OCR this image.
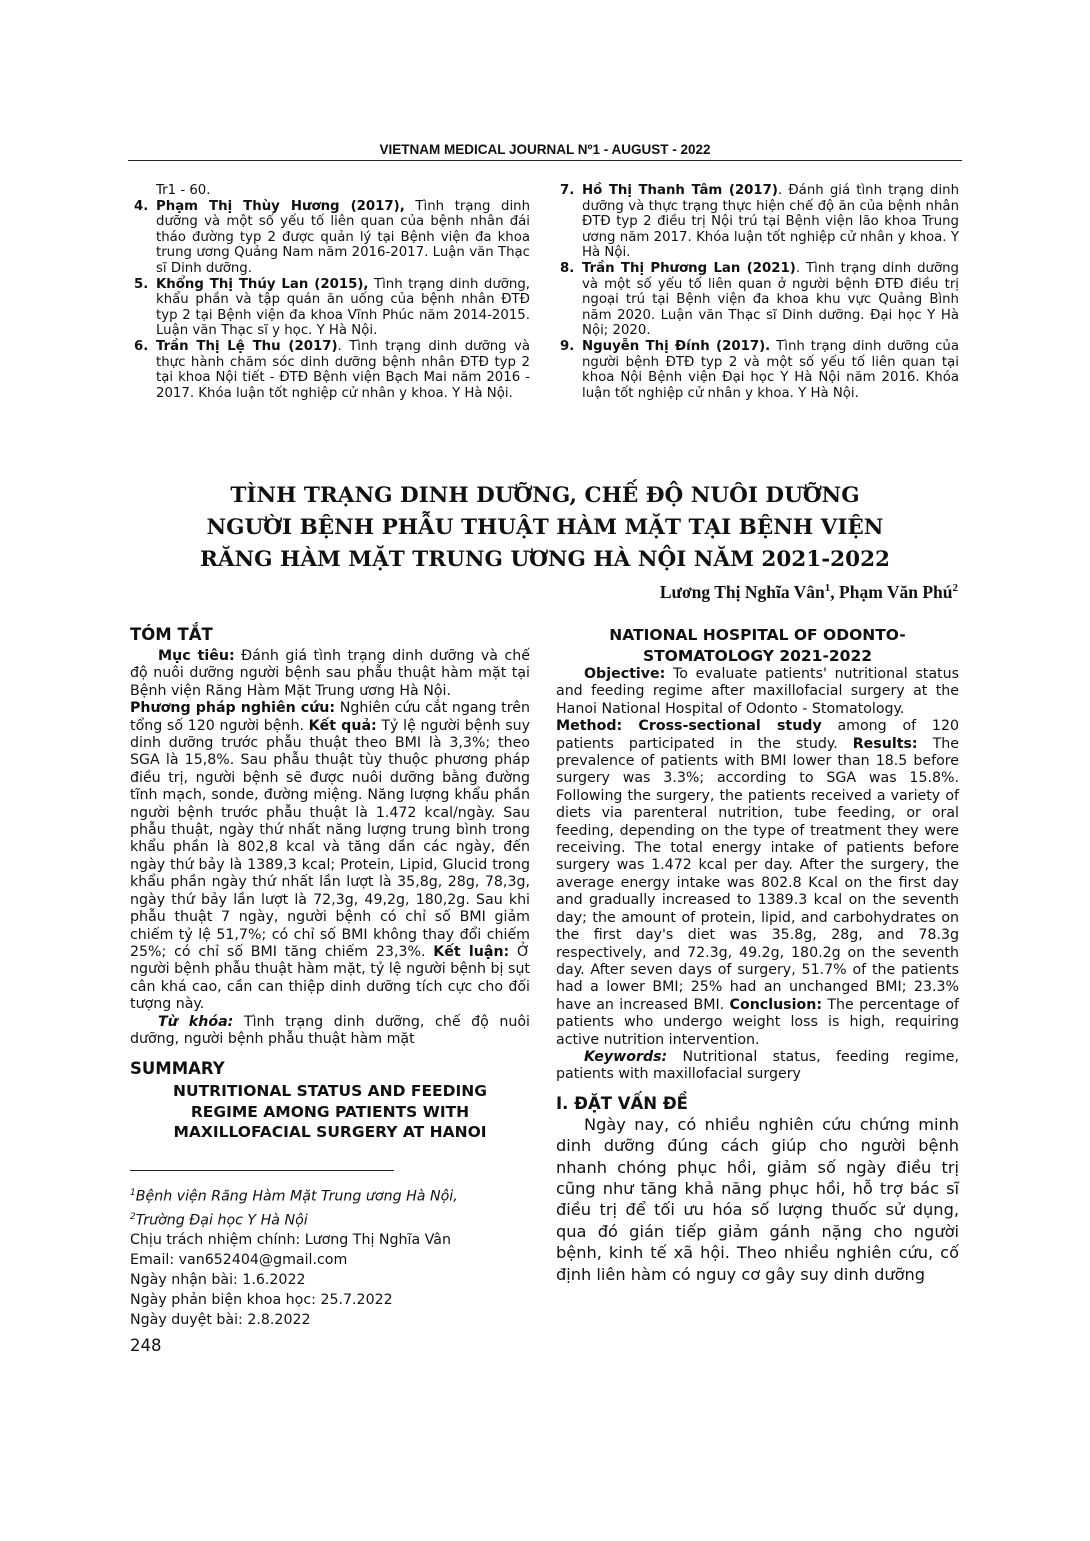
VIETNAM MEDICAL JOURNAL Nº1 - AUGUST - 2022

Tr1 - 60.

4. Phạm Thị Thùy Hương (2017), Tình trạng dinh dưỡng và một số yếu tố liên quan của bệnh nhân đái tháo đường typ 2 được quản lý tại Bệnh viện đa khoa trung ương Quảng Nam năm 2016-2017. Luận văn Thạc sĩ Dinh dưỡng.

5. Khổng Thị Thúy Lan (2015), Tình trạng dinh dưỡng, khẩu phần và tập quán ăn uống của bệnh nhân ĐTĐ typ 2 tại Bệnh viện đa khoa Vĩnh Phúc năm 2014-2015. Luận văn Thạc sĩ y học. Y Hà Nội.

6. Trần Thị Lệ Thu (2017). Tình trạng dinh dưỡng và thực hành chăm sóc dinh dưỡng bệnh nhân ĐTĐ typ 2 tại khoa Nội tiết - ĐTĐ Bệnh viện Bạch Mai năm 2016 - 2017. Khóa luận tốt nghiệp cử nhân y khoa. Y Hà Nội.

7. Hồ Thị Thanh Tâm (2017). Đánh giá tình trạng dinh dưỡng và thực trạng thực hiện chế độ ăn của bệnh nhân ĐTĐ typ 2 điều trị Nội trú tại Bệnh viện lão khoa Trung ương năm 2017. Khóa luận tốt nghiệp cử nhân y khoa. Y Hà Nội.

8. Trần Thị Phương Lan (2021). Tình trạng dinh dưỡng và một số yếu tố liên quan ở người bệnh ĐTĐ điều trị ngoại trú tại Bệnh viện đa khoa khu vực Quảng Bình năm 2020. Luận văn Thạc sĩ Dinh dưỡng. Đại học Y Hà Nội; 2020.

9. Nguyễn Thị Đính (2017). Tình trạng dinh dưỡng của người bệnh ĐTĐ typ 2 và một số yếu tố liên quan tại khoa Nội Bệnh viện Đại học Y Hà Nội năm 2016. Khóa luận tốt nghiệp cử nhân y khoa. Y Hà Nội.

TÌNH TRẠNG DINH DƯỠNG, CHẾ ĐỘ NUÔI DƯỠNG
NGƯỜI BỆNH PHẪU THUẬT HÀM MẶT TẠI BỆNH VIỆN
RĂNG HÀM MẶT TRUNG ƯƠNG HÀ NỘI NĂM 2021-2022
Lương Thị Nghĩa Vân$^1$, Phạm Văn Phú$^2$
TÓM TẮT

Mục tiêu: Đánh giá tình trạng dinh dưỡng và chế độ nuôi dưỡng người bệnh sau phẫu thuật hàm mặt tại Bệnh viện Răng Hàm Mặt Trung ương Hà Nội.

Phương pháp nghiên cứu: Nghiên cứu cắt ngang trên tổng số 120 người bệnh. Kết quả: Tỷ lệ người bệnh suy dinh dưỡng trước phẫu thuật theo BMI là 3,3%; theo SGA là 15,8%. Sau phẫu thuật tùy thuộc phương pháp điều trị, người bệnh sẽ được nuôi dưỡng bằng đường tĩnh mạch, sonde, đường miệng. Năng lượng khẩu phần người bệnh trước phẫu thuật là 1.472 kcal/ngày. Sau phẫu thuật, ngày thứ nhất năng lượng trung bình trong khẩu phần là 802,8 kcal và tăng dần các ngày, đến ngày thứ bảy là 1389,3 kcal; Protein, Lipid, Glucid trong khẩu phần ngày thứ nhất lần lượt là 35,8g, 28g, 78,3g, ngày thứ bảy lần lượt là 72,3g, 49,2g, 180,2g. Sau khi phẫu thuật 7 ngày, người bệnh có chỉ số BMI giảm chiếm tỷ lệ 51,7%; có chỉ số BMI không thay đổi chiếm 25%; có chỉ số BMI tăng chiếm 23,3%. Kết luận: Ở người bệnh phẫu thuật hàm mặt, tỷ lệ người bệnh bị sụt cân khá cao, cần can thiệp dinh dưỡng tích cực cho đối tượng này.

Từ khóa: Tình trạng dinh dưỡng, chế độ nuôi dưỡng, người bệnh phẫu thuật hàm mặt

SUMMARY
NUTRITIONAL STATUS AND FEEDING
REGIME AMONG PATIENTS WITH
MAXILLOFACIAL SURGERY AT HANOI

$^1$Bệnh viện Răng Hàm Mặt Trung ương Hà Nội,

$^2$Trường Đại học Y Hà Nội

Chịu trách nhiệm chính: Lương Thị Nghĩa Vân

Email: van652404@gmail.com

Ngày nhận bài: 1.6.2022

Ngày phản biện khoa học: 25.7.2022

Ngày duyệt bài: 2.8.2022

248
NATIONAL HOSPITAL OF ODONTO-
STOMATOLOGY 2021-2022

Objective: To evaluate patients' nutritional status and feeding regime after maxillofacial surgery at the Hanoi National Hospital of Odonto - Stomatology.

Method: Cross-sectional study among of 120 patients participated in the study. Results: The prevalence of patients with BMI lower than 18.5 before surgery was 3.3%; according to SGA was 15.8%. Following the surgery, the patients received a variety of diets via parenteral nutrition, tube feeding, or oral feeding, depending on the type of treatment they were receiving. The total energy intake of patients before surgery was 1.472 kcal per day. After the surgery, the average energy intake was 802.8 Kcal on the first day and gradually increased to 1389.3 kcal on the seventh day; the amount of protein, lipid, and carbohydrates on the first day's diet was 35.8g, 28g, and 78.3g respectively, and 72.3g, 49.2g, 180.2g on the seventh day. After seven days of surgery, 51.7% of the patients had a lower BMI; 25% had an unchanged BMI; 23.3% have an increased BMI. Conclusion: The percentage of patients who undergo weight loss is high, requiring active nutrition intervention.

Keywords: Nutritional status, feeding regime, patients with maxillofacial surgery

I. ĐẶT VẤN ĐỀ

Ngày nay, có nhiều nghiên cứu chứng minh dinh dưỡng đúng cách giúp cho người bệnh nhanh chóng phục hồi, giảm số ngày điều trị cũng như tăng khả năng phục hồi, hỗ trợ bác sĩ điều trị để tối ưu hóa số lượng thuốc sử dụng, qua đó gián tiếp giảm gánh nặng cho người bệnh, kinh tế xã hội. Theo nhiều nghiên cứu, cố định liên hàm có nguy cơ gây suy dinh dưỡng
